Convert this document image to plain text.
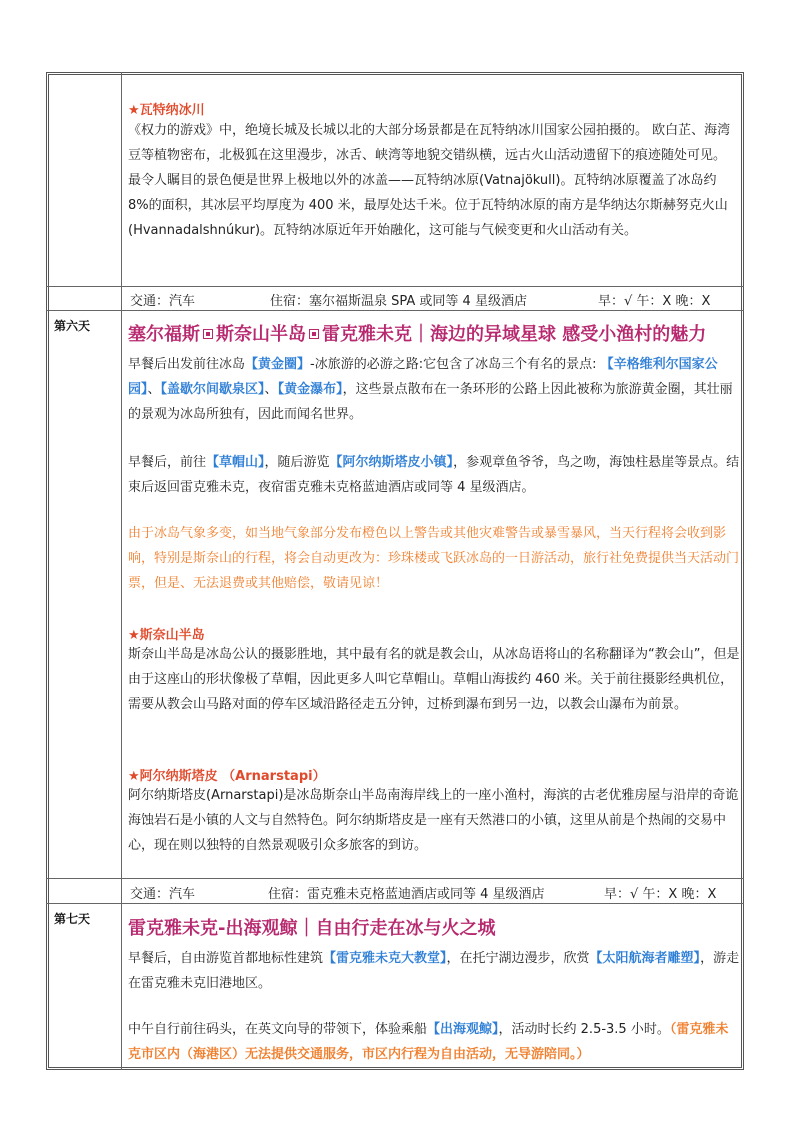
★瓦特纳冰川

《权力的游戏》中，绝境长城及长城以北的大部分场景都是在瓦特纳冰川国家公园拍摄的。 欧白芷、海湾豆等植物密布，北极狐在这里漫步，冰舌、峡湾等地貌交错纵横，远古火山活动遗留下的痕迹随处可见。

最令人瞩目的景色便是世界上极地以外的冰盖——瓦特纳冰原(Vatnajökull)。瓦特纳冰原覆盖了冰岛约 8%的面积，其冰层平均厚度为 400 米，最厚处达千米。位于瓦特纳冰原的南方是华纳达尔斯赫努克火山(Hvannadalshnúkur)。瓦特纳冰原近年开始融化，这可能与气候变更和火山活动有关。

交通：汽车	住宿：塞尔福斯温泉 SPA 或同等 4 星级酒店	早：√ 午：X 晚：X
第六天 塞尔福斯 斯奈山半岛 雷克雅未克｜海边的异域星球 感受小渔村的魅力

早餐后出发前往冰岛【黄金圈】-冰旅游的必游之路:它包含了冰岛三个有名的景点: 【辛格维利尔国家公园】、【盖歇尔间歇泉区】、【黄金瀑布】，这些景点散布在一条环形的公路上因此被称为旅游黄金圈，其壮丽的景观为冰岛所独有，因此而闻名世界。

早餐后，前往【草帽山】，随后游览【阿尔纳斯塔皮小镇】，参观章鱼爷爷，鸟之吻，海蚀柱悬崖等景点。结束后返回雷克雅未克，夜宿雷克雅未克格蓝迪酒店或同等 4 星级酒店。

由于冰岛气象多变，如当地气象部分发布橙色以上警告或其他灾难警告或暴雪暴风，当天行程将会收到影响，特别是斯奈山的行程，将会自动更改为：珍珠楼或飞跃冰岛的一日游活动，旅行社免费提供当天活动门票，但是、无法退费或其他赔偿，敬请见谅！
★斯奈山半岛
斯奈山半岛是冰岛公认的摄影胜地，其中最有名的就是教会山，从冰岛语将山的名称翻译为“教会山”，但是由于这座山的形状像极了草帽，因此更多人叫它草帽山。草帽山海拔约 460 米。关于前往摄影经典机位，需要从教会山马路对面的停车区域沿路径走五分钟，过桥到瀑布到另一边，以教会山瀑布为前景。
★阿尔纳斯塔皮 （Arnarstapi）
阿尔纳斯塔皮(Arnarstapi)是冰岛斯奈山半岛南海岸线上的一座小渔村，海滨的古老优雅房屋与沿岸的奇诡海蚀岩石是小镇的人文与自然特色。阿尔纳斯塔皮是一座有天然港口的小镇，这里从前是个热闹的交易中心，现在则以独特的自然景观吸引众多旅客的到访。
交通：汽车	住宿：雷克雅未克格蓝迪酒店或同等 4 星级酒店	早：√ 午：X 晚：X
第七天 雷克雅未克-出海观鲸｜自由行走在冰与火之城

早餐后，自由游览首都地标性建筑【雷克雅未克大教堂】，在托宁湖边漫步，欣赏【太阳航海者雕塑】，游走在雷克雅未克旧港地区。

中午自行前往码头，在英文向导的带领下，体验乘船【出海观鲸】，活动时长约 2.5-3.5 小时。（雷克雅未克市区内（海港区）无法提供交通服务，市区内行程为自由活动，无导游陪同。）
